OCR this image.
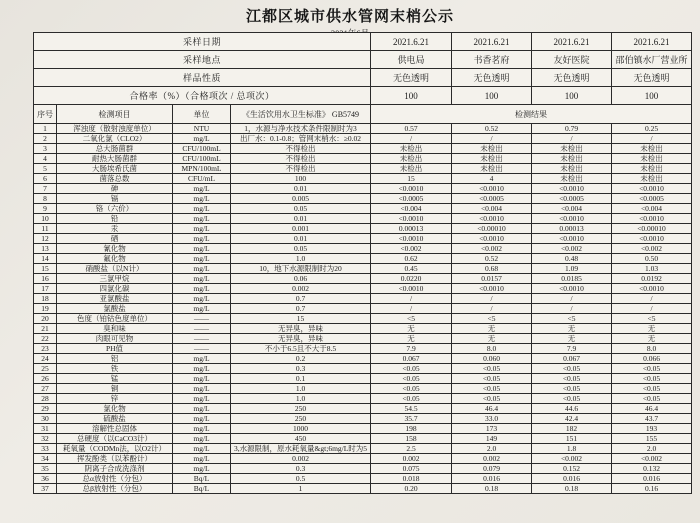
江都区城市供水管网末梢公示
采样日期				2021.6.21	2021.6.21	2021.6.21	2021.6.21
采样地点				供电局	书香茗府	友好医院	邵伯镇水厂营业所
样品性质				无色透明	无色透明	无色透明	无色透明
合格率（%）（合格项次 / 总项次）				100	100	100	100
序号	检测项目	单位	《生活饮用水卫生标准》 GB5749	检测结果			
1	浑浊度（散射浊度单位）	NTU	1，水源与净水技术条件限制时为3	0.57	0.52	0.79	0.25
2	二氧化氯（CLO2）	mg/L	出厂水：0.1-0.8；管网末梢水：≥0.02	/	/	/	/
3	总大肠菌群	CFU/100mL	不得检出	未检出	未检出	未检出	未检出
4	耐热大肠菌群	CFU/100mL	不得检出	未检出	未检出	未检出	未检出
5	大肠埃希氏菌	MPN/100mL	不得检出	未检出	未检出	未检出	未检出
6	菌落总数	CFU/mL	100	15	4	未检出	未检出
7	砷	mg/L	0.01	<0.0010	<0.0010	<0.0010	<0.0010
8	镉	mg/L	0.005	<0.0005	<0.0005	<0.0005	<0.0005
9	铬（六价）	mg/L	0.05	<0.004	<0.004	<0.004	<0.004
10	铅	mg/L	0.01	<0.0010	<0.0010	<0.0010	<0.0010
11	汞	mg/L	0.001	0.00013	<0.00010	0.00013	<0.00010
12	硒	mg/L	0.01	<0.0010	<0.0010	<0.0010	<0.0010
13	氰化物	mg/L	0.05	<0.002	<0.002	<0.002	<0.002
14	氟化物	mg/L	1.0	0.62	0.52	0.48	0.50
15	硝酸盐（以N计）	mg/L	10，地下水源限制时为20	0.45	0.68	1.09	1.03
16	三氯甲烷	mg/L	0.06	0.0220	0.0157	0.0185	0.0192
17	四氯化碳	mg/L	0.002	<0.0010	<0.0010	<0.0010	<0.0010
18	亚氯酸盐	mg/L	0.7	/	/	/	/
19	氯酸盐	mg/L	0.7	/	/	/	/
20	色度（铂钴色度单位）	——	15	<5	<5	<5	<5
21	臭和味	——	无异臭，异味	无	无	无	无
22	肉眼可见物	——	无异臭，异味	无	无	无	无
23	PH值	——	不小于6.5且不大于8.5	7.9	8.0	7.9	8.0
24	铝	mg/L	0.2	0.067	0.060	0.067	0.066
25	铁	mg/L	0.3	<0.05	<0.05	<0.05	<0.05
26	锰	mg/L	0.1	<0.05	<0.05	<0.05	<0.05
27	铜	mg/L	1.0	<0.05	<0.05	<0.05	<0.05
28	锌	mg/L	1.0	<0.05	<0.05	<0.05	<0.05
29	氯化物	mg/L	250	54.5	46.4	44.6	46.4
30	硫酸盐	mg/L	250	35.7	33.0	42.4	43.7
31	溶解性总固体	mg/L	1000	198	173	182	193
32	总硬度（以CaCO3计）	mg/L	450	158	149	151	155
33	耗氧量（CODMn法，以O2计）	mg/L	3,水源限制，原水耗氧量&gt;6mg/L时为5	2.5	2.0	1.8	2.0
34	挥发酚类（以苯酚计）	mg/L	0.002	0.002	0.002	<0.002	<0.002
35	阴离子合成洗涤剂	mg/L	0.3	0.075	0.079	0.152	0.132
36	总α放射性（分包）	Bq/L	0.5	0.018	0.016	0.016	0.016
37	总β放射性（分包）	Bq/L	1	0.20	0.18	0.18	0.16
